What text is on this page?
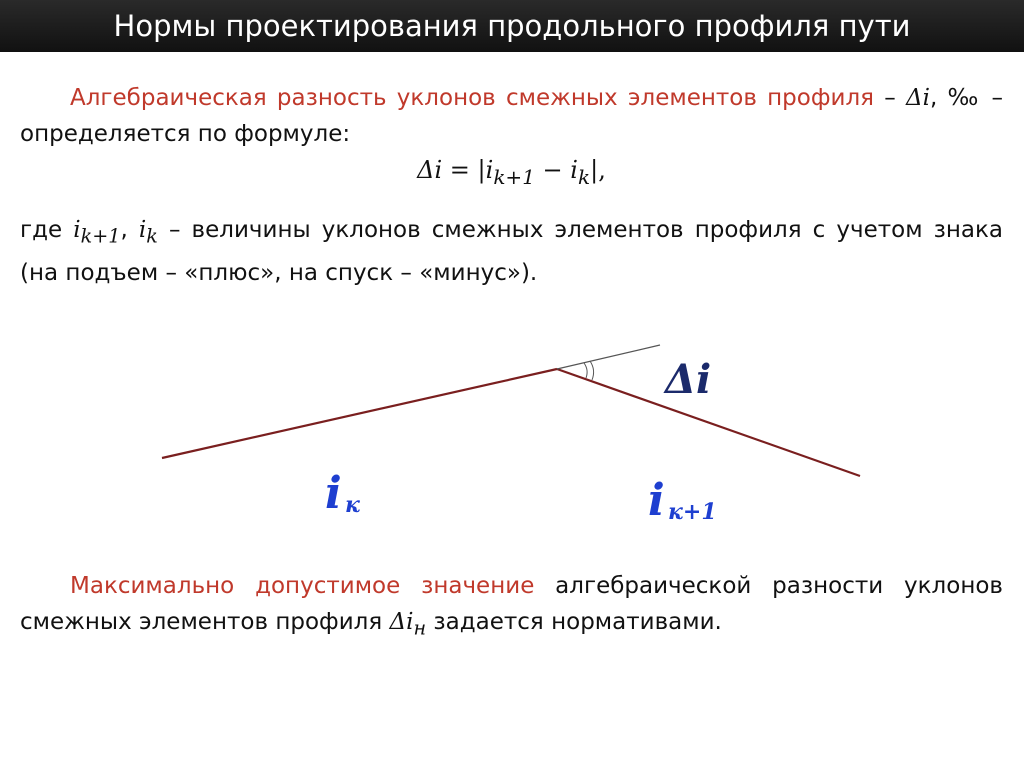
Нормы проектирования продольного профиля пути
Алгебраическая разность уклонов смежных элементов профиля – Δi, ‰ – определяется по формуле:
$\Delta i = |i_{k+1} - i_k|$,
где $i_{k+1}$, $i_k$ – величины уклонов смежных элементов профиля с учетом знака (на подъем – «плюс», на спуск – «минус»).
Δi
i к	i к+1
Максимально допустимое значение алгебраической разности уклонов смежных элементов профиля $\Delta i_н$ задается нормативами.
